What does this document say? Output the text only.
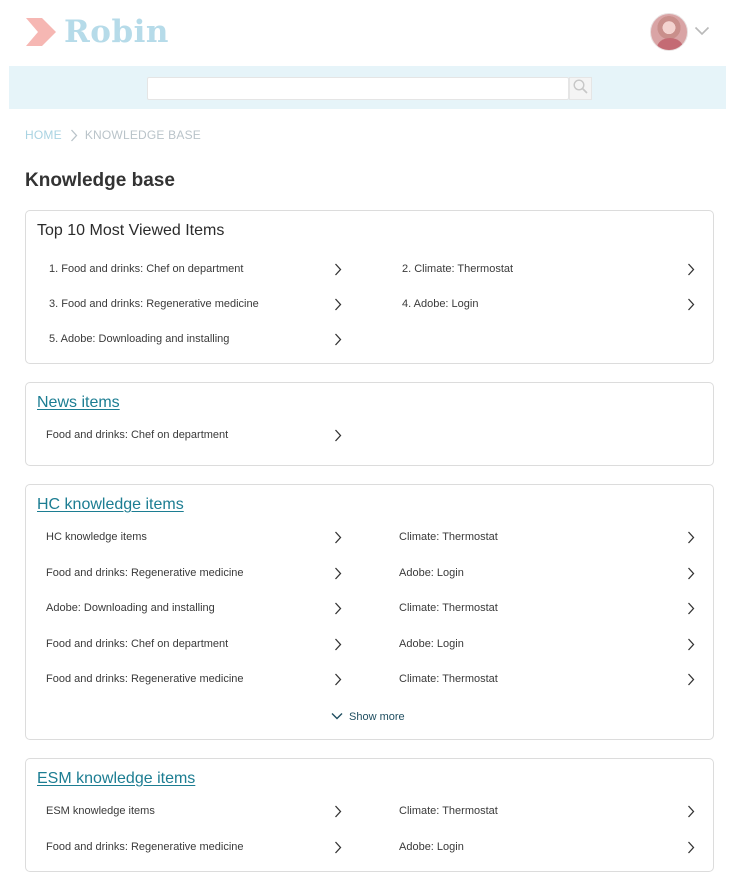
Robin
HOME KNOWLEDGE BASE
Knowledge base
Top 10 Most Viewed Items
1. Food and drinks: Chef on department	2. Climate: Thermostat
3. Food and drinks: Regenerative medicine	4. Adobe: Login
5. Adobe: Downloading and installing
News items
Food and drinks: Chef on department
HC knowledge items
HC knowledge items	Climate: Thermostat
Food and drinks: Regenerative medicine	Adobe: Login
Adobe: Downloading and installing	Climate: Thermostat
Food and drinks: Chef on department	Adobe: Login
Food and drinks: Regenerative medicine	Climate: Thermostat
Show more
ESM knowledge items
ESM knowledge items	Climate: Thermostat
Food and drinks: Regenerative medicine	Adobe: Login
